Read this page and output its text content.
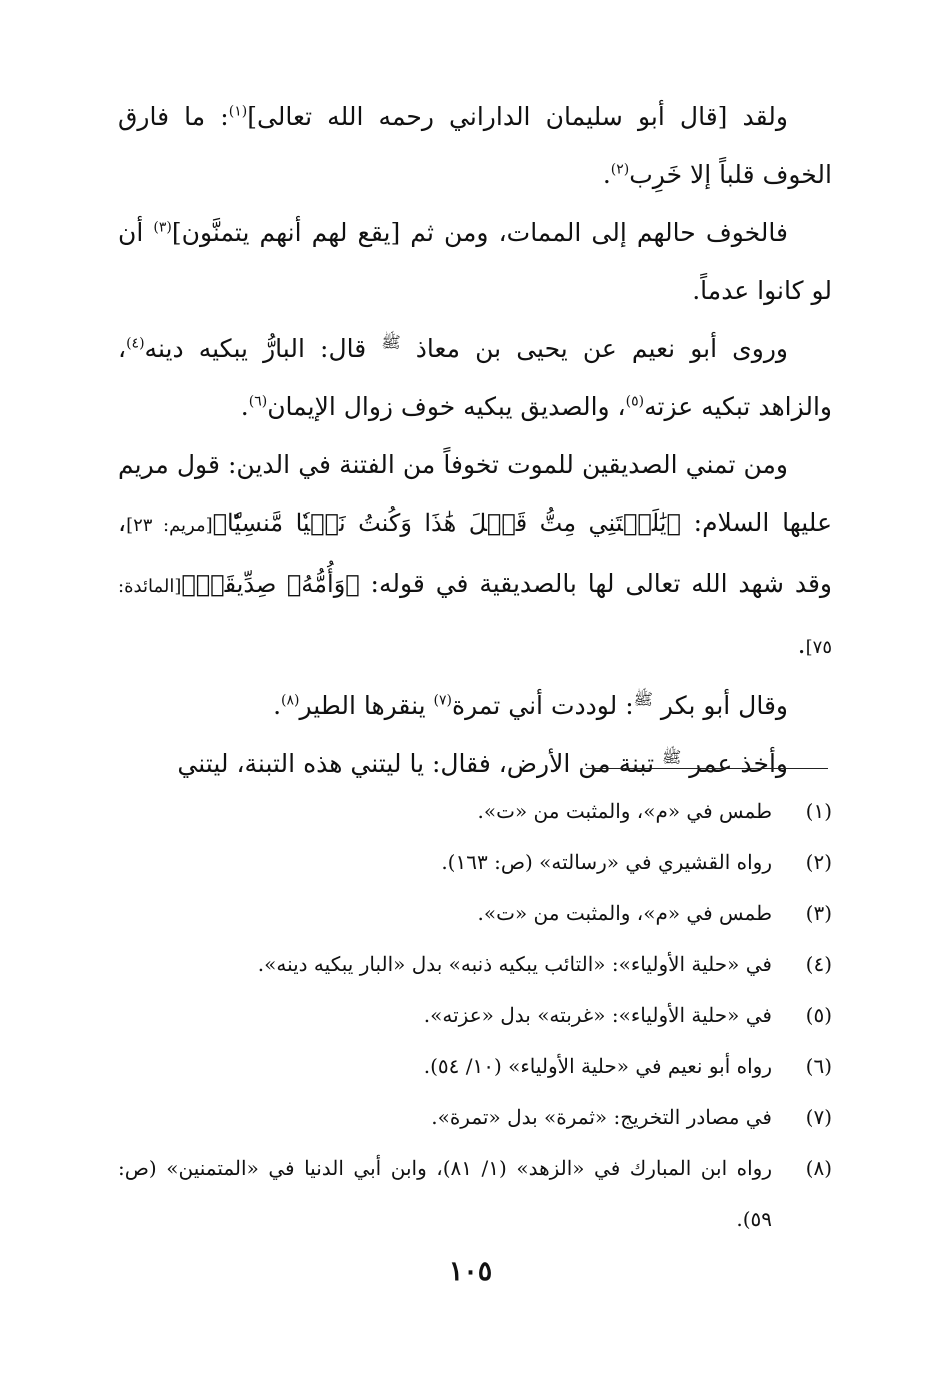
ولقد [قال أبو سليمان الداراني رحمه الله تعالى]$^{(١)}$: ما فارق الخوف قلباً إلا خَرِب$^{(٢)}$.

فالخوف حالهم إلى الممات، ومن ثم [يقع لهم أنهم يتمنَّون]$^{(٣)}$ أن لو كانوا عدماً.

وروى أبو نعيم عن يحيى بن معاذ $^ﷺ$ قال: البارُّ يبكيه دينه$^{(٤)}$، والزاهد تبكيه عزته$^{(٥)}$، والصديق يبكيه خوف زوال الإيمان$^{(٦)}$.

ومن تمني الصديقين للموت تخوفاً من الفتنة في الدين: قول مريم عليها السلام: ﴿يَٰلَيۡتَنِي مِتُّ قَبۡلَ هَٰذَا وَكُنتُ نَسۡيٗا مَّنسِيّٗا﴾[مريم: ٢٣]، وقد شهد الله تعالى لها بالصديقية في قوله: ﴿وَأُمُّهُۥ صِدِّيقَةٞ﴾[المائدة: ٧٥].

وقال أبو بكر $^ﷺ$: لوددت أني تمرة$^{(٧)}$ ينقرها الطير$^{(٨)}$.

وأخذ عمر $^ﷺ$ تبنة من الأرض، فقال: يا ليتني هذه التبنة، ليتني

(١)
طمس في «م»، والمثبت من «ت».
(٢)
رواه القشيري في «رسالته» (ص: ١٦٣).
(٣)
طمس في «م»، والمثبت من «ت».
(٤)
في «حلية الأولياء»: «التائب يبكيه ذنبه» بدل «البار يبكيه دينه».
(٥)
في «حلية الأولياء»: «غربته» بدل «عزته».
(٦)
رواه أبو نعيم في «حلية الأولياء» (١٠/ ٥٤).
(٧)
في مصادر التخريج: «ثمرة» بدل «تمرة».
(٨)
رواه ابن المبارك في «الزهد» (١/ ٨١)، وابن أبي الدنيا في «المتمنين» (ص: ٥٩).
١٠٥
